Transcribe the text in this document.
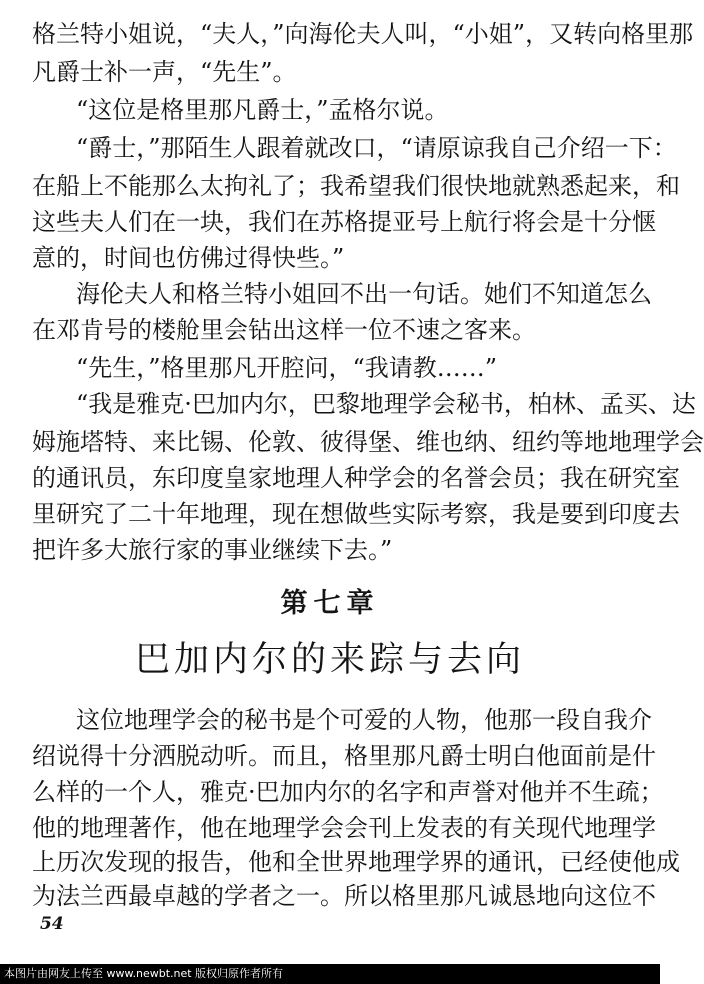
格兰特小姐说，“夫人，”向海伦夫人叫，“小姐”，又转向格里那
凡爵士补一声，“先生”。
“这位是格里那凡爵士，”孟格尔说。
“爵士，”那陌生人跟着就改口，“请原谅我自己介绍一下：
在船上不能那么太拘礼了；我希望我们很快地就熟悉起来，和
这些夫人们在一块，我们在苏格提亚号上航行将会是十分惬
意的，时间也仿佛过得快些。”
海伦夫人和格兰特小姐回不出一句话。她们不知道怎么
在邓肯号的楼舱里会钻出这样一位不速之客来。
“先生，”格里那凡开腔问，“我请教……”
“我是雅克·巴加内尔，巴黎地理学会秘书，柏林、孟买、达
姆施塔特、来比锡、伦敦、彼得堡、维也纳、纽约等地地理学会
的通讯员，东印度皇家地理人种学会的名誉会员；我在研究室
里研究了二十年地理，现在想做些实际考察，我是要到印度去
把许多大旅行家的事业继续下去。”
第七章
巴加内尔的来踪与去向
这位地理学会的秘书是个可爱的人物，他那一段自我介
绍说得十分洒脱动听。而且，格里那凡爵士明白他面前是什
么样的一个人，雅克·巴加内尔的名字和声誉对他并不生疏；
他的地理著作，他在地理学会会刊上发表的有关现代地理学
上历次发现的报告，他和全世界地理学界的通讯，已经使他成
为法兰西最卓越的学者之一。所以格里那凡诚恳地向这位不
54
本图片由网友上传至 www.newbt.net 版权归原作者所有
